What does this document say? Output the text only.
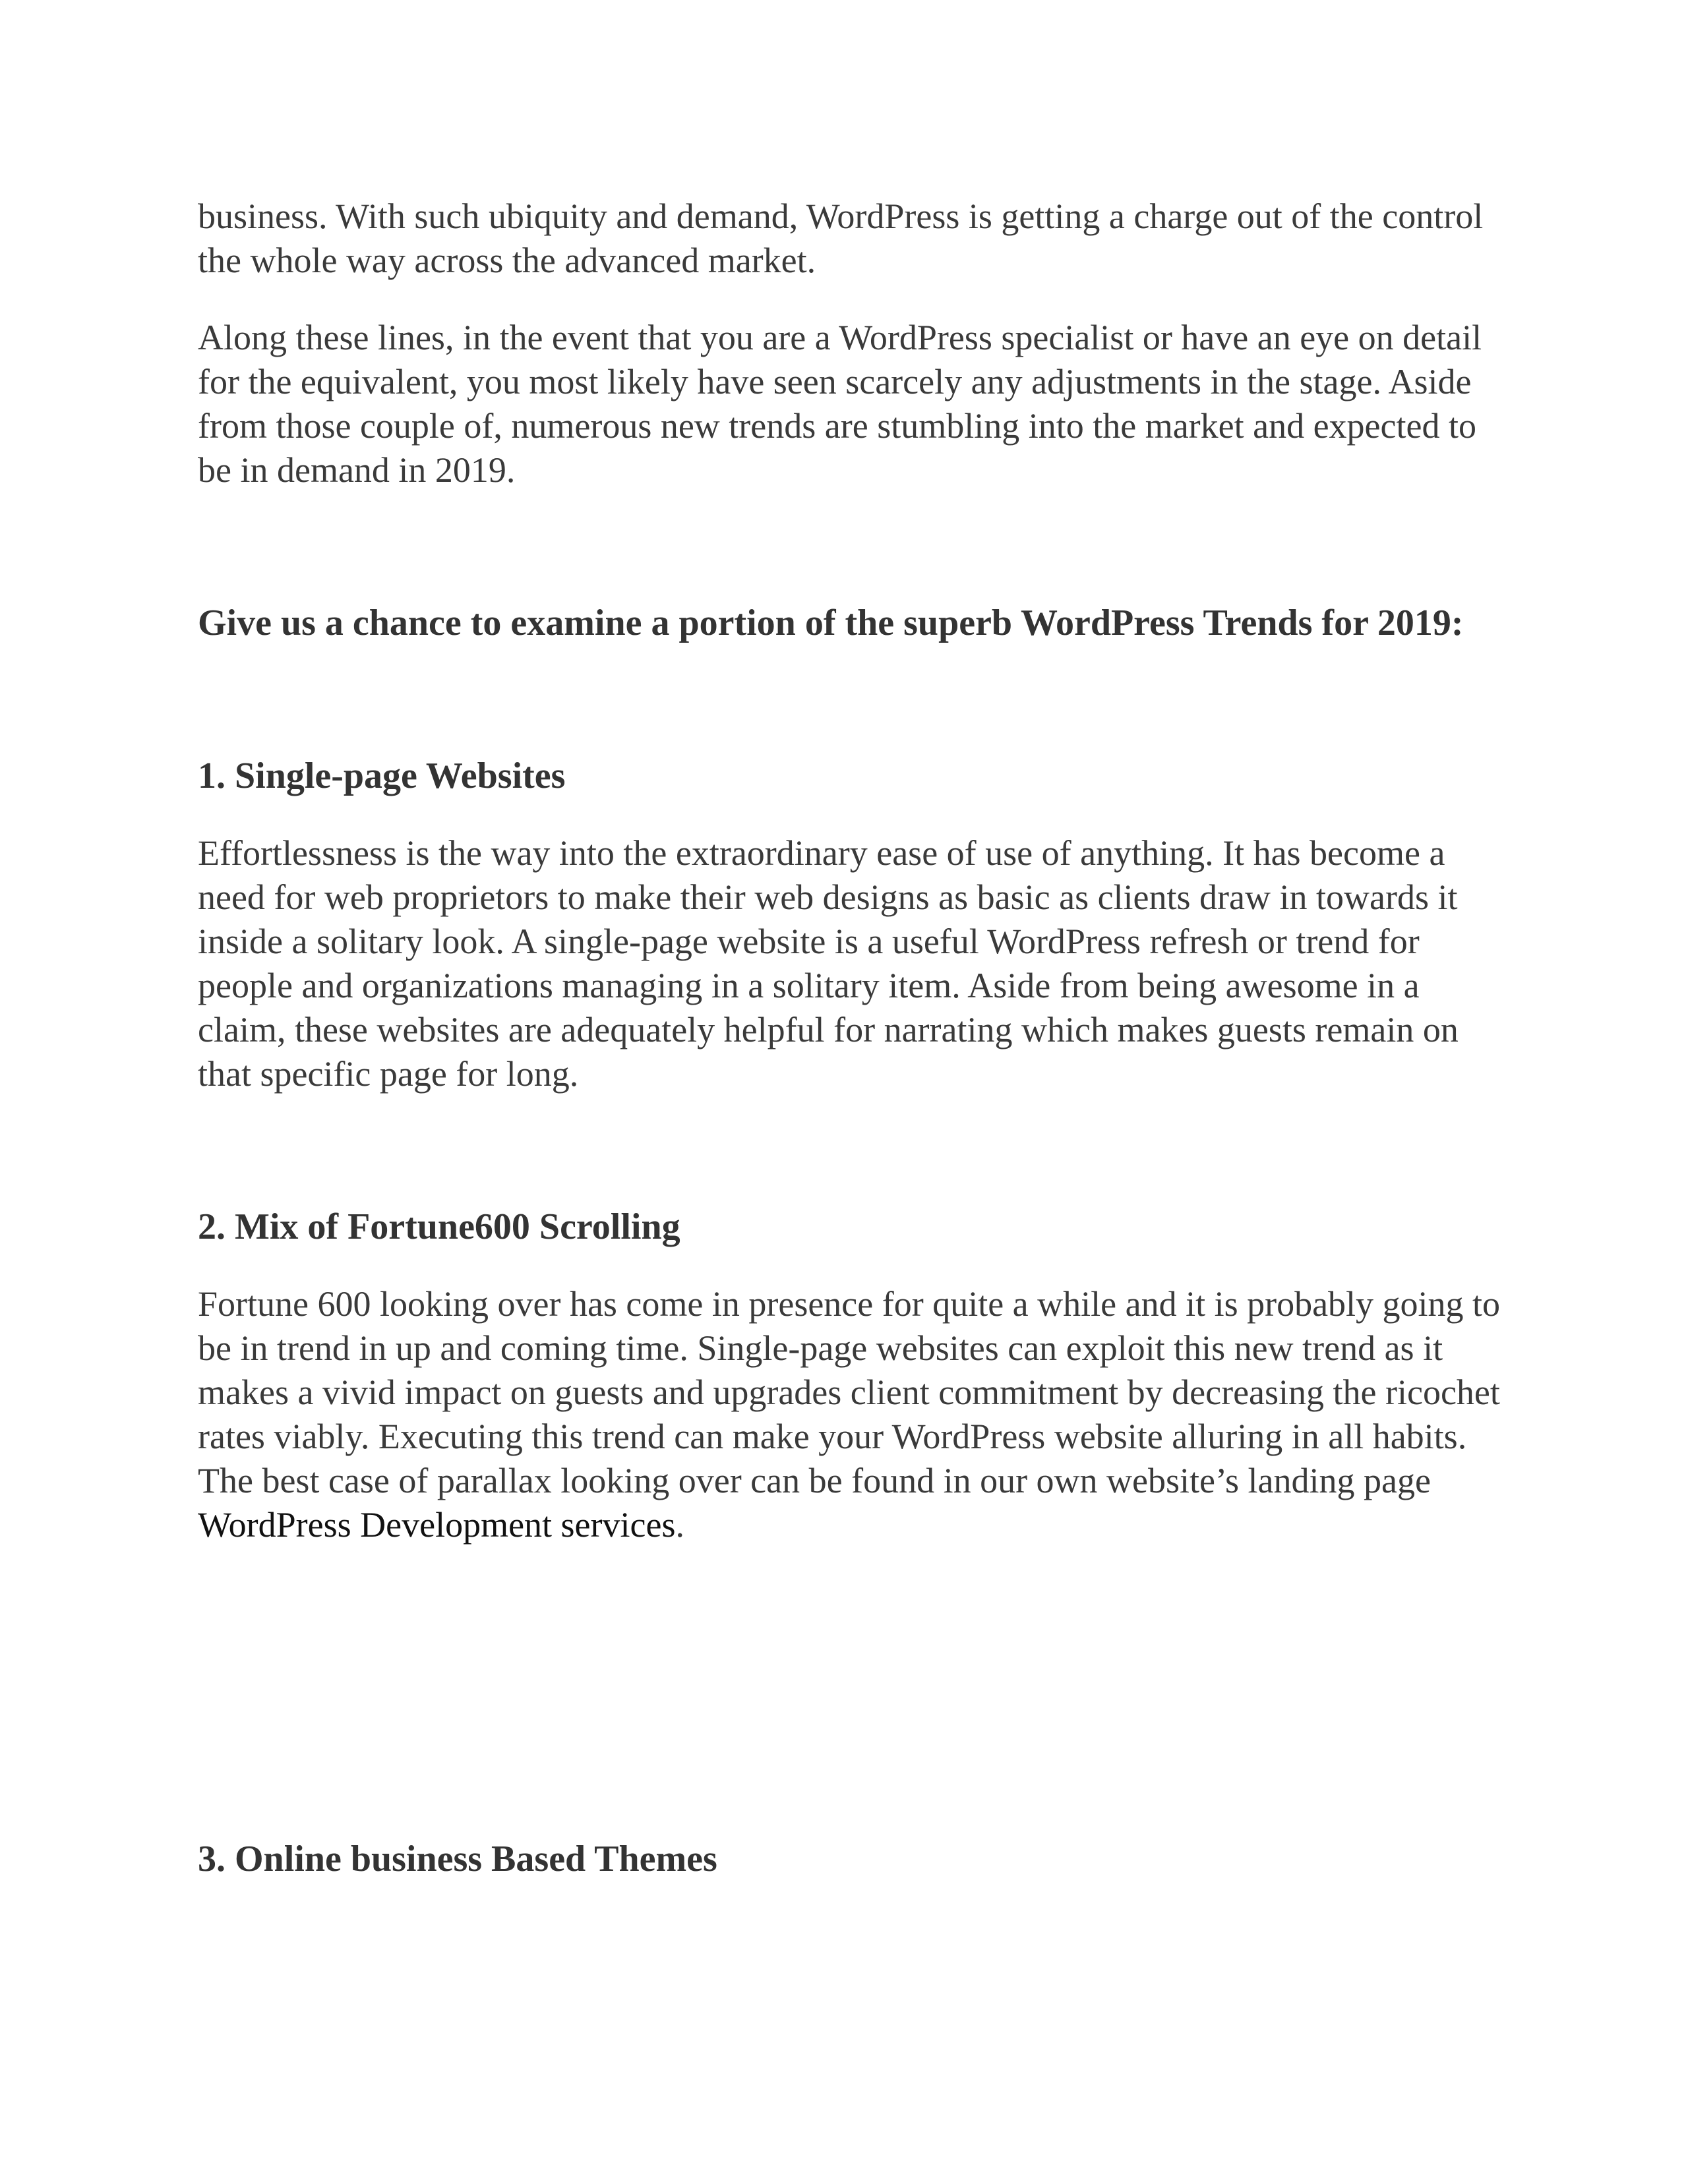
business. With such ubiquity and demand, WordPress is getting a charge out of the control the whole way across the advanced market.

Along these lines, in the event that you are a WordPress specialist or have an eye on detail for the equivalent, you most likely have seen scarcely any adjustments in the stage. Aside from those couple of, numerous new trends are stumbling into the market and expected to be in demand in 2019.

Give us a chance to examine a portion of the superb WordPress Trends for 2019:
1. Single-page Websites

Effortlessness is the way into the extraordinary ease of use of anything. It has become a need for web proprietors to make their web designs as basic as clients draw in towards it inside a solitary look. A single-page website is a useful WordPress refresh or trend for people and organizations managing in a solitary item. Aside from being awesome in a claim, these websites are adequately helpful for narrating which makes guests remain on that specific page for long.

2. Mix of Fortune600 Scrolling

Fortune 600 looking over has come in presence for quite a while and it is probably going to be in trend in up and coming time. Single-page websites can exploit this new trend as it makes a vivid impact on guests and upgrades client commitment by decreasing the ricochet rates viably. Executing this trend can make your WordPress website alluring in all habits. The best case of parallax looking over can be found in our own website’s landing page WordPress Development services.

3. Online business Based Themes
